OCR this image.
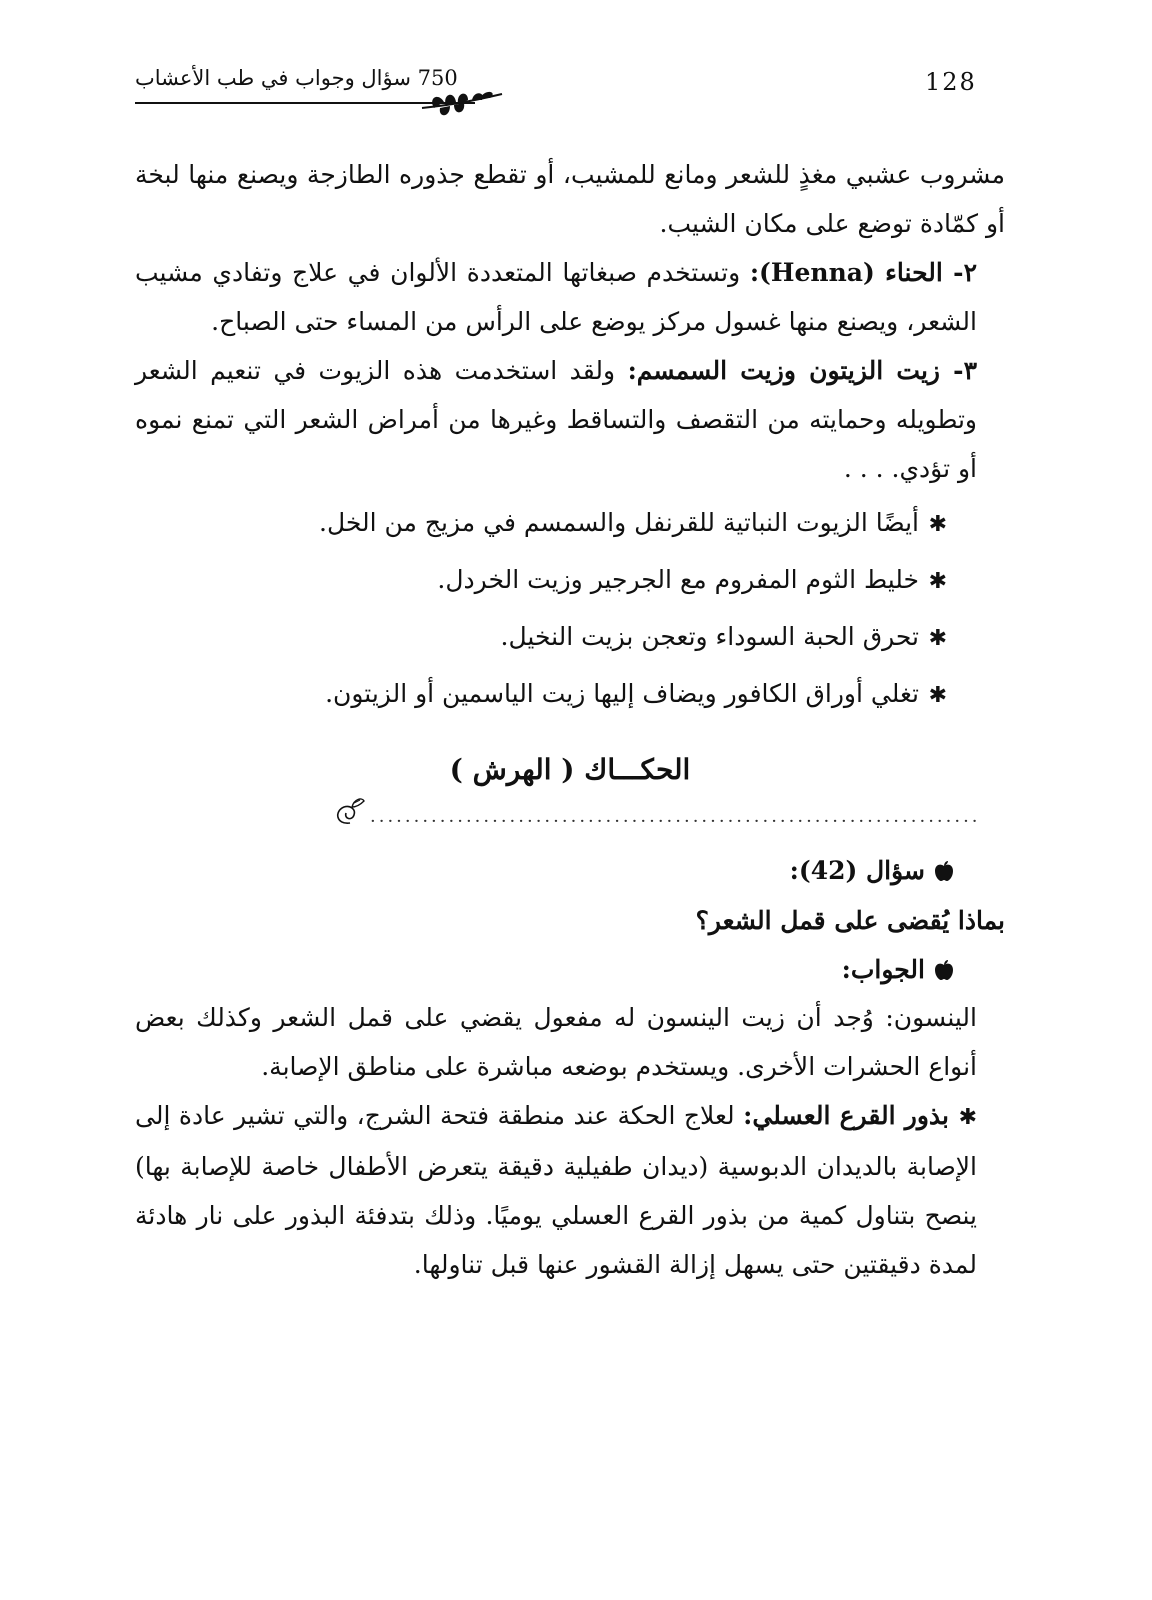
750 سؤال وجواب في طب الأعشاب	128

مشروب عشبي مغذٍ للشعر ومانع للمشيب، أو تقطع جذوره الطازجة ويصنع منها لبخة أو كمّادة توضع على مكان الشيب.

٢- الحناء (Henna): وتستخدم صبغاتها المتعددة الألوان في علاج وتفادي مشيب الشعر، ويصنع منها غسول مركز يوضع على الرأس من المساء حتى الصباح.

٣- زيت الزيتون وزيت السمسم: ولقد استخدمت هذه الزيوت في تنعيم الشعر وتطويله وحمايته من التقصف والتساقط وغيرها من أمراض الشعر التي تمنع نموه أو تؤدي. . . .

✱أيضًا الزيوت النباتية للقرنفل والسمسم في مزيج من الخل.
✱خليط الثوم المفروم مع الجرجير وزيت الخردل.
✱تحرق الحبة السوداء وتعجن بزيت النخيل.
✱تغلي أوراق الكافور ويضاف إليها زيت الياسمين أو الزيتون.
الحكـــاك ( الهرش )
······································································
سؤال (42):
بماذا يُقضى على قمل الشعر؟
الجواب:

الينسون: وُجد أن زيت الينسون له مفعول يقضي على قمل الشعر وكذلك بعض أنواع الحشرات الأخرى. ويستخدم بوضعه مباشرة على مناطق الإصابة.

✱بذور القرع العسلي: لعلاج الحكة عند منطقة فتحة الشرج، والتي تشير عادة إلى الإصابة بالديدان الدبوسية (ديدان طفيلية دقيقة يتعرض الأطفال خاصة للإصابة بها) ينصح بتناول كمية من بذور القرع العسلي يوميًا. وذلك بتدفئة البذور على نار هادئة لمدة دقيقتين حتى يسهل إزالة القشور عنها قبل تناولها.
